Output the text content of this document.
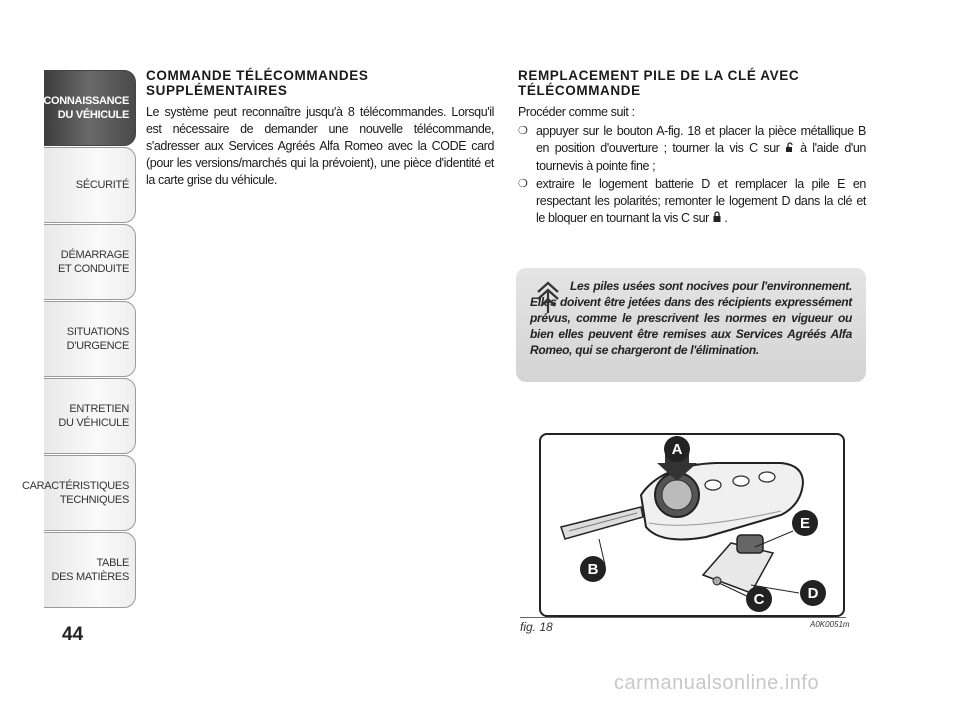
CONNAISSANCE
DU VÉHICULE
SÉCURITÉ
DÉMARRAGE
ET CONDUITE
SITUATIONS
D'URGENCE
ENTRETIEN
DU VÉHICULE
CARACTÉRISTIQUES
TECHNIQUES
TABLE
DES MATIÈRES
44
COMMANDE TÉLÉCOMMANDES SUPPLÉMENTAIRES

Le système peut reconnaître jusqu'à 8 télécommandes. Lorsqu'il est nécessaire de demander une nouvelle télécommande, s'adresser aux Services Agréés Alfa Romeo avec la CODE card (pour les versions/marchés qui la prévoient), une pièce d'identité et la carte grise du véhicule.

REMPLACEMENT PILE DE LA CLÉ AVEC TÉLÉCOMMANDE

Procéder comme suit :

❍ appuyer sur le bouton A-fig. 18 et placer la pièce métallique B en position d'ouverture ; tourner la vis C sur à l'aide d'un tournevis à pointe fine ;
❍ extraire le logement batterie D et remplacer la pile E en respectant les polarités; remonter le logement D dans la clé et le bloquer en tournant la vis C sur .
Les piles usées sont nocives pour l'environnement. Elles doivent être jetées dans des récipients expressément prévus, comme le prescrivent les normes en vigueur ou bien elles peuvent être remises aux Services Agréés Alfa Romeo, qui se chargeront de l'élimination.
A
B
C	D
E
fig. 18	A0K0051m
carmanualsonline.info
